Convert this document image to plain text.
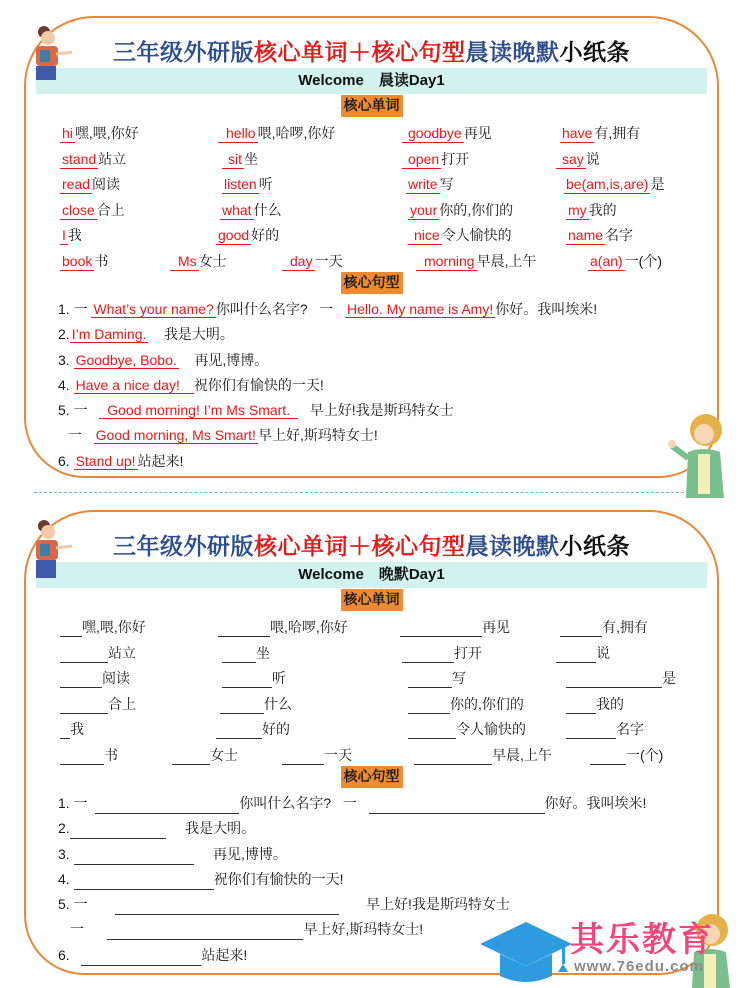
三年级外研版核心单词＋核心句型晨读晚默小纸条
Welcome　晨读Day1
核心单词
hi 嘿,喂,你好	hello 喂,哈啰,你好	goodbye 再见	have 有,拥有
stand 站立	sit 坐	open 打开	say 说
read 阅读	listen 听	write 写	be(am,is,are) 是
close 合上	what 什么	your 你的,你们的	my 我的
I 我	good 好的	nice 令人愉快的	name 名字
book 书	Ms 女士	day 一天	morning 早晨,上午	a(an) 一(个)
核心句型
1. 一 What’s your name? 你叫什么名字? 一 Hello. My name is Amy! 你好。我叫埃米!
2. I’m Daming. 我是大明。
3. Goodbye, Bobo. 再见,博博。
4. Have a nice day! 祝你们有愉快的一天!
5. 一 Good morning! I’m Ms Smart. 早上好!我是斯玛特女士
一 Good morning, Ms Smart! 早上好,斯玛特女士!
6. Stand up! 站起来!
三年级外研版核心单词＋核心句型晨读晚默小纸条
Welcome　晚默Day1
核心单词
嘿,喂,你好	喂,哈啰,你好	再见	有,拥有
站立	坐	打开	说
阅读	听	写	是
合上	什么	你的,你们的	我的
我	好的	令人愉快的	名字
书	女士	一天	早晨,上午	一(个)
核心句型
1. 一	你叫什么名字? 一	你好。我叫埃米!
2.	我是大明。
3.	再见,博博。
4.	祝你们有愉快的一天!
5. 一	早上好!我是斯玛特女士
一	早上好,斯玛特女士!
6.	站起来!	其乐教育
www.76edu.com
